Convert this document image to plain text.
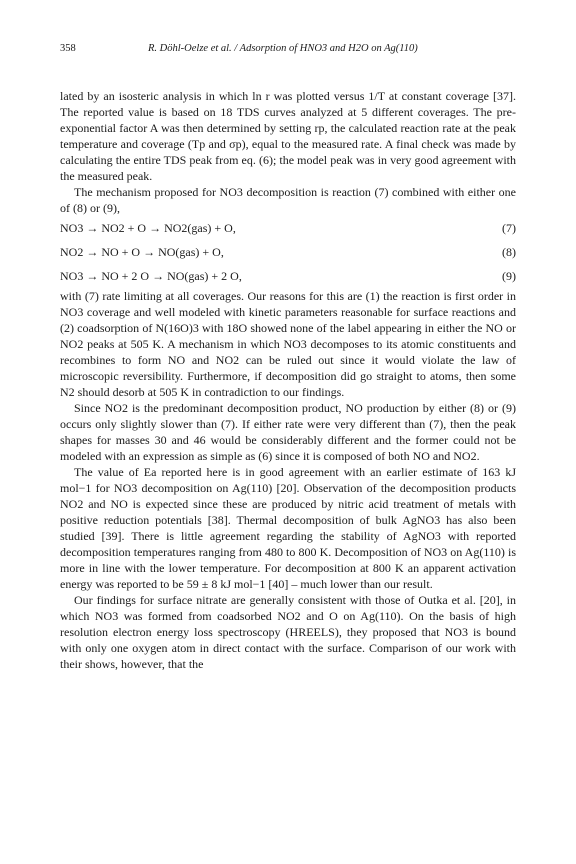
358	R. Döhl-Oelze et al. / Adsorption of HNO3 and H2O on Ag(110)

lated by an isosteric analysis in which ln r was plotted versus 1/T at constant coverage [37]. The reported value is based on 18 TDS curves analyzed at 5 different coverages. The pre-exponential factor A was then determined by setting rp, the calculated reaction rate at the peak temperature and coverage (Tp and σp), equal to the measured rate. A final check was made by calculating the entire TDS peak from eq. (6); the model peak was in very good agreement with the measured peak.

The mechanism proposed for NO3 decomposition is reaction (7) combined with either one of (8) or (9),

NO3 → NO2 + O → NO2(gas) + O,	(7)
NO2 → NO + O → NO(gas) + O,	(8)
NO3 → NO + 2 O → NO(gas) + 2 O,	(9)

with (7) rate limiting at all coverages. Our reasons for this are (1) the reaction is first order in NO3 coverage and well modeled with kinetic parameters reasonable for surface reactions and (2) coadsorption of N(16O)3 with 18O showed none of the label appearing in either the NO or NO2 peaks at 505 K. A mechanism in which NO3 decomposes to its atomic constituents and recombines to form NO and NO2 can be ruled out since it would violate the law of microscopic reversibility. Furthermore, if decomposition did go straight to atoms, then some N2 should desorb at 505 K in contradiction to our findings.

Since NO2 is the predominant decomposition product, NO production by either (8) or (9) occurs only slightly slower than (7). If either rate were very different than (7), then the peak shapes for masses 30 and 46 would be considerably different and the former could not be modeled with an expression as simple as (6) since it is composed of both NO and NO2.

The value of Ea reported here is in good agreement with an earlier estimate of 163 kJ mol−1 for NO3 decomposition on Ag(110) [20]. Observation of the decomposition products NO2 and NO is expected since these are produced by nitric acid treatment of metals with positive reduction potentials [38]. Thermal decomposition of bulk AgNO3 has also been studied [39]. There is little agreement regarding the stability of AgNO3 with reported decomposition temperatures ranging from 480 to 800 K. Decomposition of NO3 on Ag(110) is more in line with the lower temperature. For decomposition at 800 K an apparent activation energy was reported to be 59 ± 8 kJ mol−1 [40] – much lower than our result.

Our findings for surface nitrate are generally consistent with those of Outka et al. [20], in which NO3 was formed from coadsorbed NO2 and O on Ag(110). On the basis of high resolution electron energy loss spectroscopy (HREELS), they proposed that NO3 is bound with only one oxygen atom in direct contact with the surface. Comparison of our work with their shows, however, that the
